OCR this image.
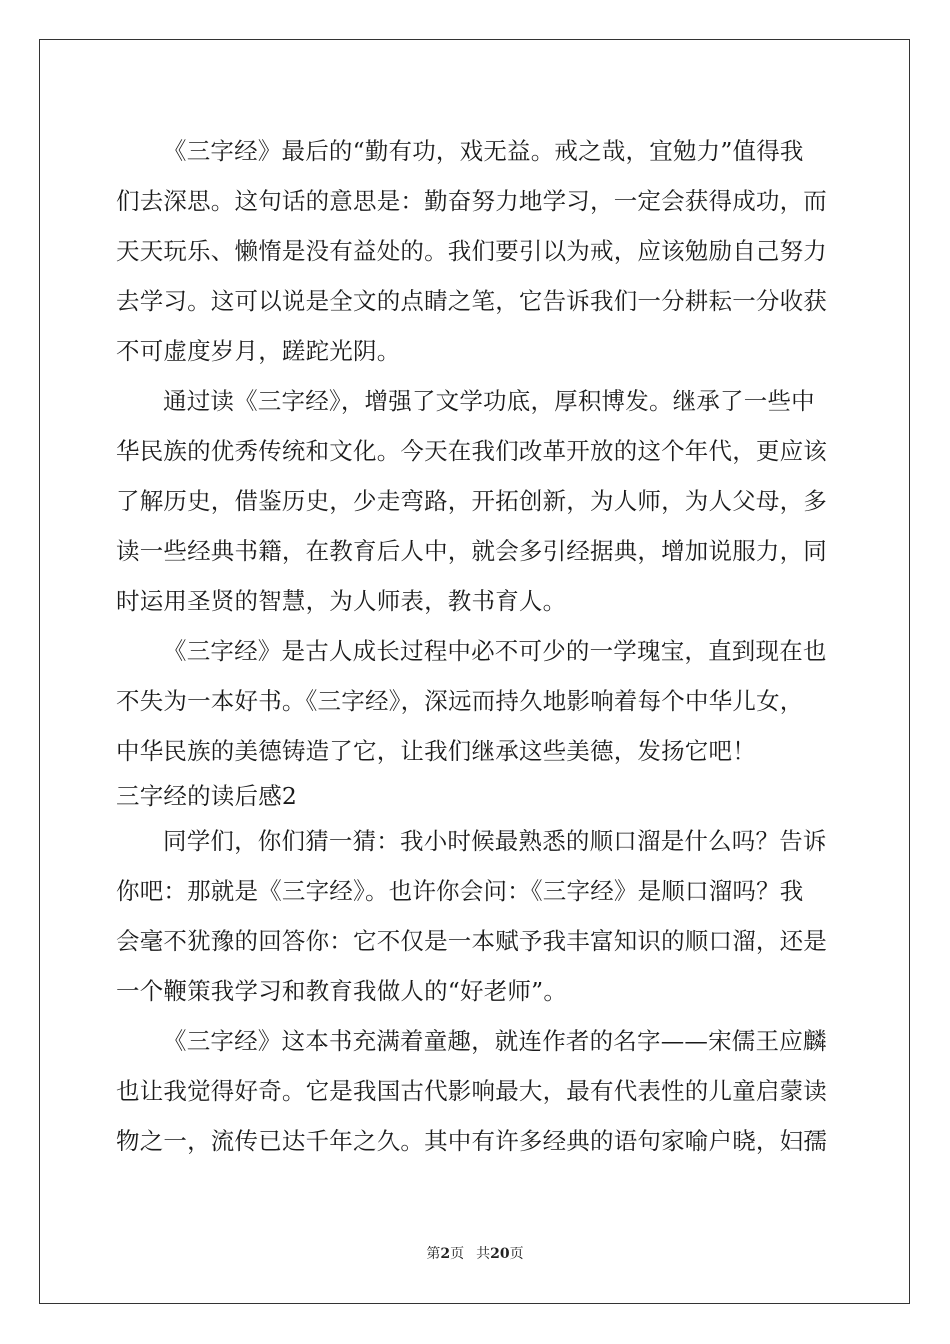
《三字经》最后的“勤有功，戏无益。戒之哉，宜勉力”值得我
们去深思。这句话的意思是：勤奋努力地学习，一定会获得成功，而
天天玩乐、懒惰是没有益处的。我们要引以为戒，应该勉励自己努力
去学习。这可以说是全文的点睛之笔，它告诉我们一分耕耘一分收获
不可虚度岁月，蹉跎光阴。
通过读《三字经》，增强了文学功底，厚积博发。继承了一些中
华民族的优秀传统和文化。今天在我们改革开放的这个年代，更应该
了解历史，借鉴历史，少走弯路，开拓创新，为人师，为人父母，多
读一些经典书籍，在教育后人中，就会多引经据典，增加说服力，同
时运用圣贤的智慧，为人师表，教书育人。
《三字经》是古人成长过程中必不可少的一学瑰宝，直到现在也
不失为一本好书。《三字经》，深远而持久地影响着每个中华儿女，
中华民族的美德铸造了它，让我们继承这些美德，发扬它吧！
三字经的读后感2
同学们，你们猜一猜：我小时候最熟悉的顺口溜是什么吗？告诉
你吧：那就是《三字经》。也许你会问：《三字经》是顺口溜吗？我
会毫不犹豫的回答你：它不仅是一本赋予我丰富知识的顺口溜，还是
一个鞭策我学习和教育我做人的“好老师”。
《三字经》这本书充满着童趣，就连作者的名字——宋儒王应麟
也让我觉得好奇。它是我国古代影响最大，最有代表性的儿童启蒙读
物之一，流传已达千年之久。其中有许多经典的语句家喻户晓，妇孺
第2页 共20页
